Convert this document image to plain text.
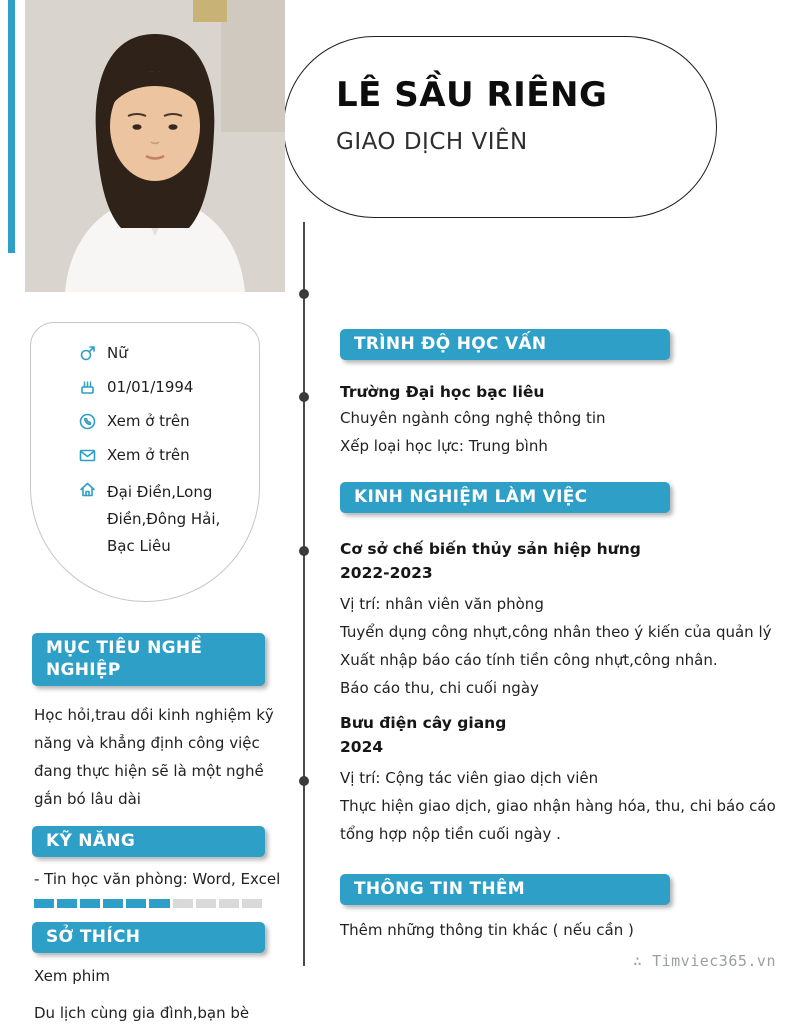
LÊ SẦU RIÊNG
GIAO DỊCH VIÊN
Nữ
01/01/1994
Xem ở trên
Xem ở trên
Đại Điền,Long Điền,Đông Hải, Bạc Liêu
MỤC TIÊU NGHỀ NGHIỆP
Học hỏi,trau dồi kinh nghiệm kỹ năng và khẳng định công việc đang thực hiện sẽ là một nghề gắn bó lâu dài
KỸ NĂNG
- Tin học văn phòng: Word, Excel
SỞ THÍCH
Xem phim
Du lịch cùng gia đình,bạn bè
TRÌNH ĐỘ HỌC VẤN
Trường Đại học bạc liêu
Chuyên ngành công nghệ thông tin
Xếp loại học lực: Trung bình
KINH NGHIỆM LÀM VIỆC
Cơ sở chế biến thủy sản hiệp hưng
2022-2023
Vị trí: nhân viên văn phòng
Tuyển dụng công nhựt,công nhân theo ý kiến của quản lý
Xuất nhập báo cáo tính tiền công nhựt,công nhân.
Báo cáo thu, chi cuối ngày
Bưu điện cây giang
2024
Vị trí: Cộng tác viên giao dịch viên
Thực hiện giao dịch, giao nhận hàng hóa, thu, chi báo cáo tổng hợp nộp tiền cuối ngày .
THÔNG TIN THÊM
Thêm những thông tin khác ( nếu cần )
∴ Timviec365.vn
